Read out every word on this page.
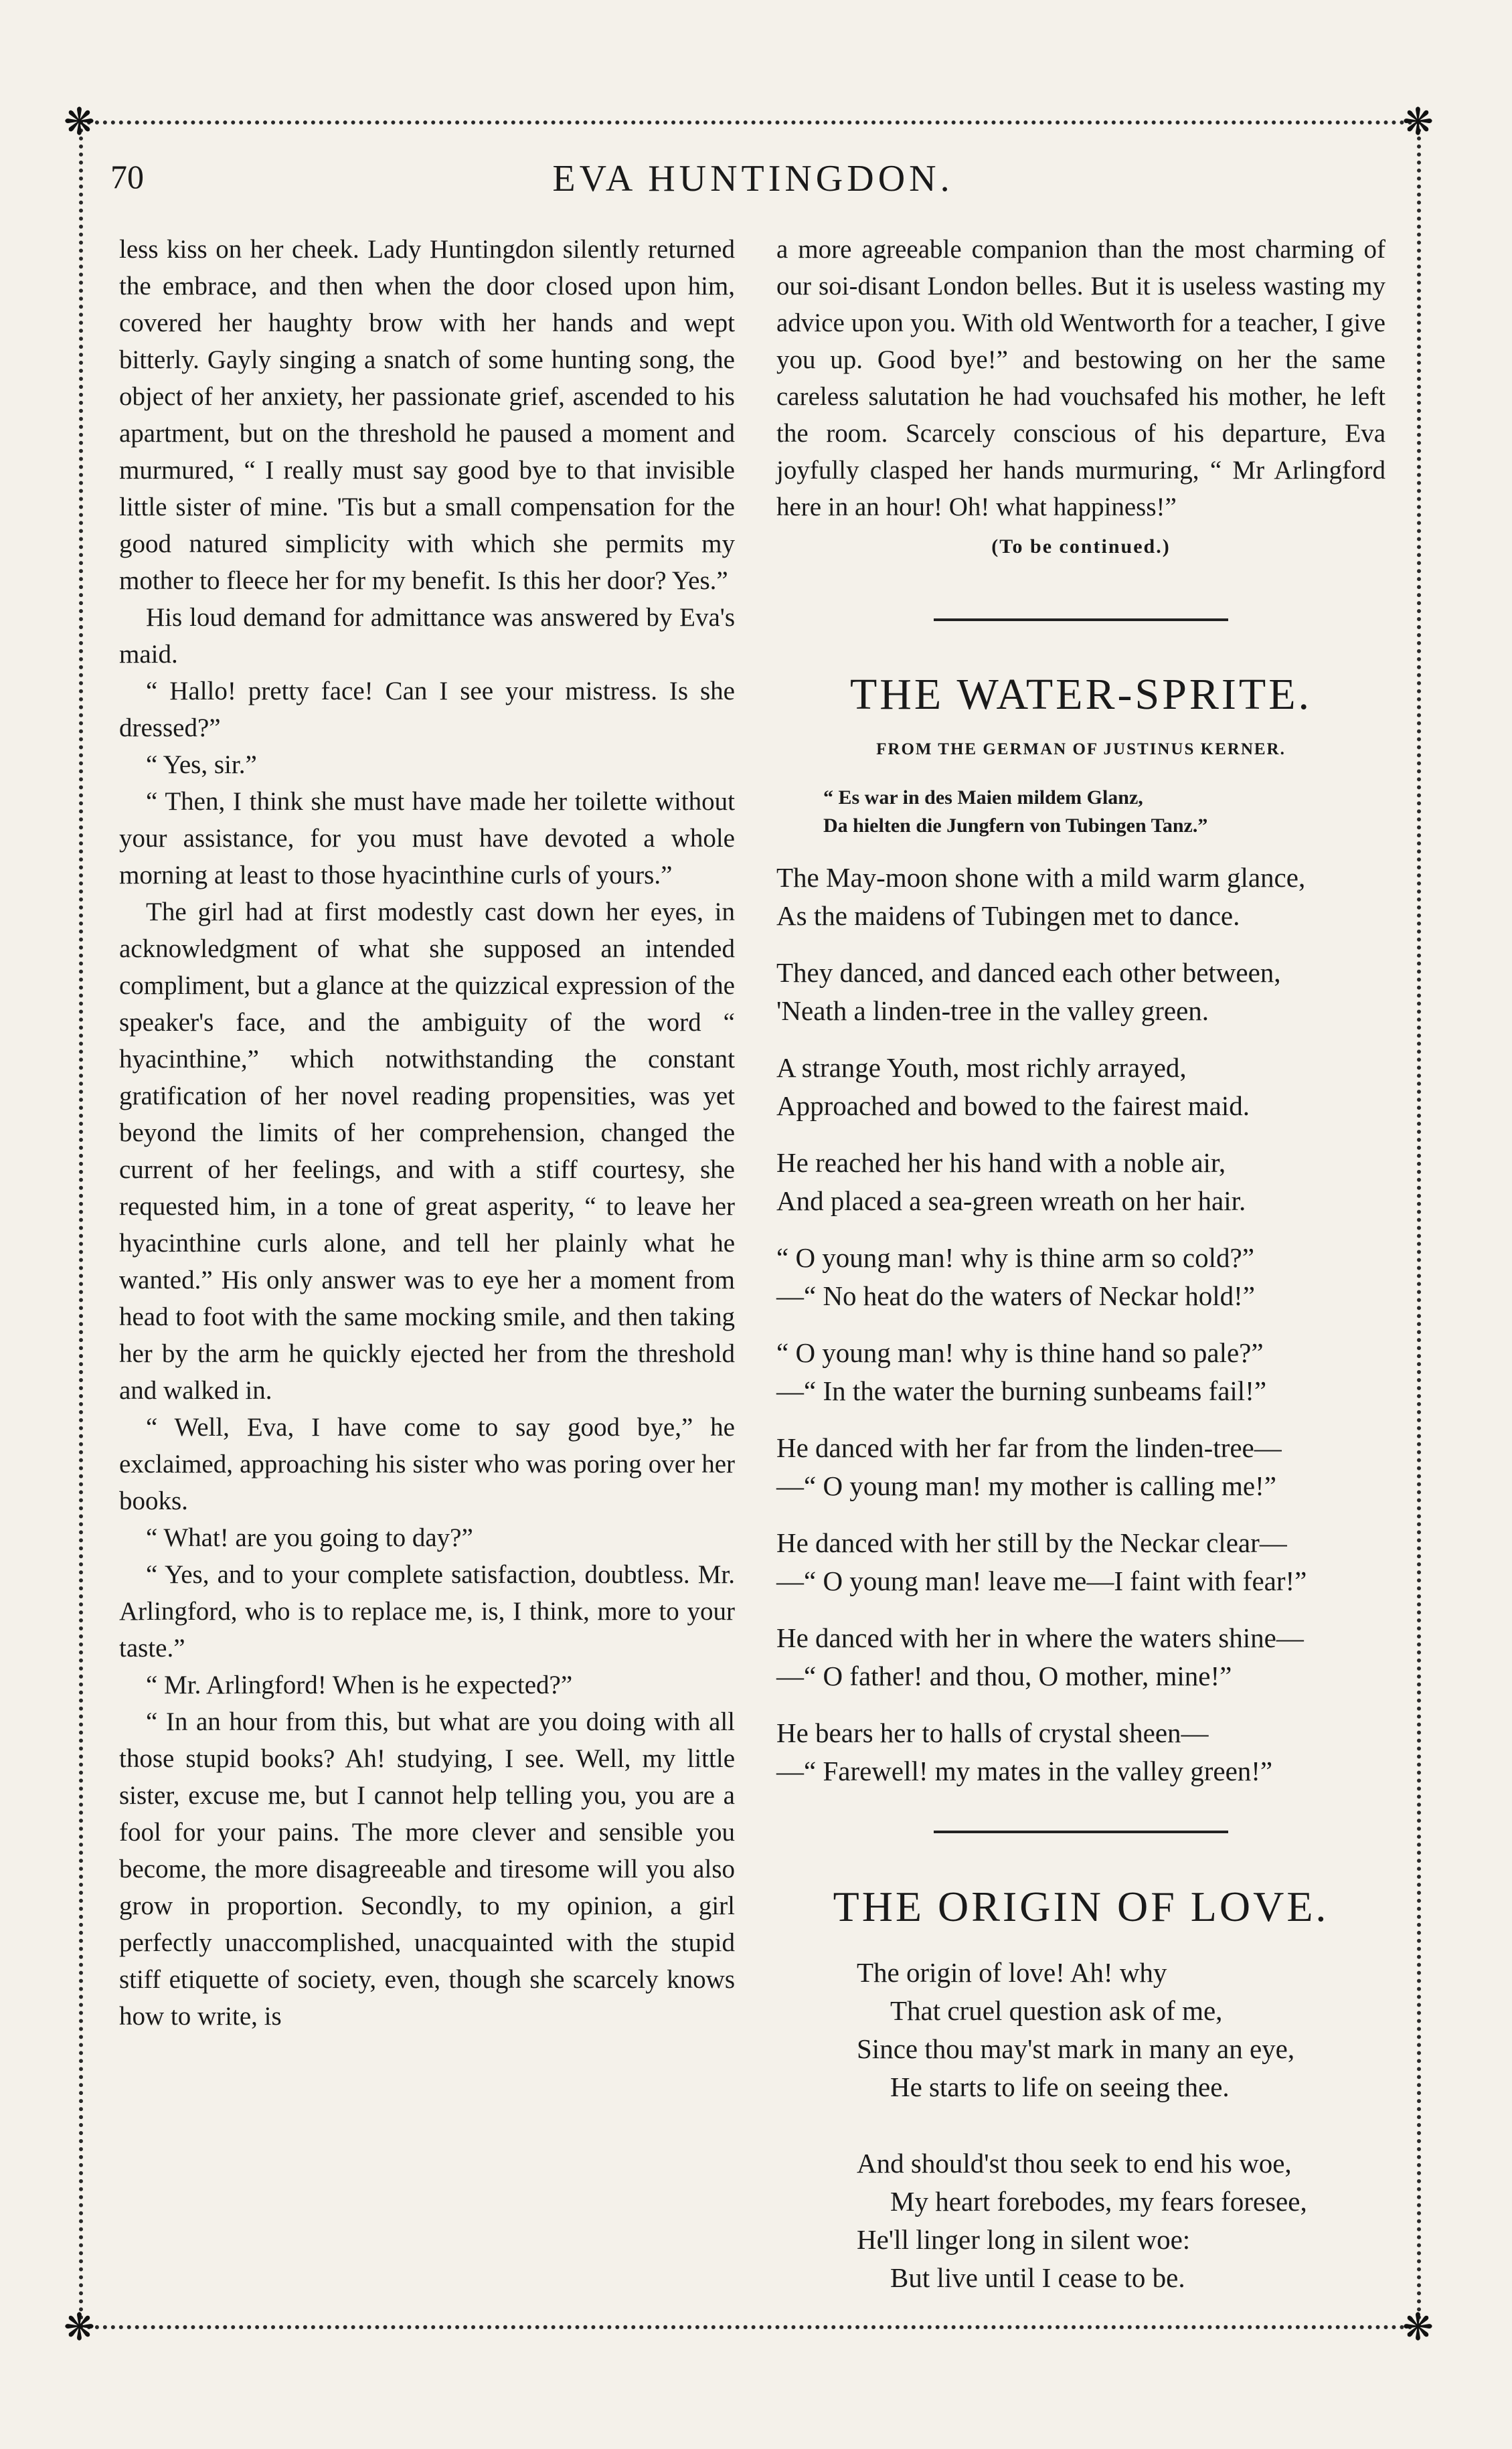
❋	❋
❋	❋
70	EVA HUNTINGDON.

less kiss on her cheek. Lady Huntingdon silently returned the embrace, and then when the door closed upon him, covered her haughty brow with her hands and wept bitterly. Gayly singing a snatch of some hunting song, the object of her anxiety, her passionate grief, ascended to his apartment, but on the threshold he paused a moment and murmured, “ I really must say good bye to that invisible little sister of mine. 'Tis but a small compensation for the good natured simplicity with which she permits my mother to fleece her for my benefit. Is this her door? Yes.”

His loud demand for admittance was answered by Eva's maid.

“ Hallo! pretty face! Can I see your mistress. Is she dressed?”

“ Yes, sir.”

“ Then, I think she must have made her toilette without your assistance, for you must have devoted a whole morning at least to those hyacinthine curls of yours.”

The girl had at first modestly cast down her eyes, in acknowledgment of what she supposed an intended compliment, but a glance at the quizzical expression of the speaker's face, and the ambiguity of the word “ hyacinthine,” which notwithstanding the constant gratification of her novel reading propensities, was yet beyond the limits of her comprehension, changed the current of her feelings, and with a stiff courtesy, she requested him, in a tone of great asperity, “ to leave her hyacinthine curls alone, and tell her plainly what he wanted.” His only answer was to eye her a moment from head to foot with the same mocking smile, and then taking her by the arm he quickly ejected her from the threshold and walked in.

“ Well, Eva, I have come to say good bye,” he exclaimed, approaching his sister who was poring over her books.

“ What! are you going to day?”

“ Yes, and to your complete satisfaction, doubtless. Mr. Arlingford, who is to replace me, is, I think, more to your taste.”

“ Mr. Arlingford! When is he expected?”

“ In an hour from this, but what are you doing with all those stupid books? Ah! studying, I see. Well, my little sister, excuse me, but I cannot help telling you, you are a fool for your pains. The more clever and sensible you become, the more disagreeable and tiresome will you also grow in proportion. Secondly, to my opinion, a girl perfectly unaccomplished, unacquainted with the stupid stiff etiquette of society, even, though she scarcely knows how to write, is

a more agreeable companion than the most charming of our soi-disant London belles. But it is useless wasting my advice upon you. With old Wentworth for a teacher, I give you up. Good bye!” and bestowing on her the same careless salutation he had vouchsafed his mother, he left the room. Scarcely conscious of his departure, Eva joyfully clasped her hands murmuring, “ Mr Arlingford here in an hour! Oh! what happiness!”

(To be continued.)
THE WATER-SPRITE.
FROM THE GERMAN OF JUSTINUS KERNER.
“ Es war in des Maien mildem Glanz,
Da hielten die Jungfern von Tubingen Tanz.”
The May-moon shone with a mild warm glance,
As the maidens of Tubingen met to dance.
They danced, and danced each other between,
'Neath a linden-tree in the valley green.
A strange Youth, most richly arrayed,
Approached and bowed to the fairest maid.
He reached her his hand with a noble air,
And placed a sea-green wreath on her hair.
“ O young man! why is thine arm so cold?”
—“ No heat do the waters of Neckar hold!”
“ O young man! why is thine hand so pale?”
—“ In the water the burning sunbeams fail!”
He danced with her far from the linden-tree—
—“ O young man! my mother is calling me!”
He danced with her still by the Neckar clear—
—“ O young man! leave me—I faint with fear!”
He danced with her in where the waters shine—
—“ O father! and thou, O mother, mine!”
He bears her to halls of crystal sheen—
—“ Farewell! my mates in the valley green!”
THE ORIGIN OF LOVE.
The origin of love! Ah! why
That cruel question ask of me,
Since thou may'st mark in many an eye,
He starts to life on seeing thee.
And should'st thou seek to end his woe,
My heart forebodes, my fears foresee,
He'll linger long in silent woe:
But live until I cease to be.
